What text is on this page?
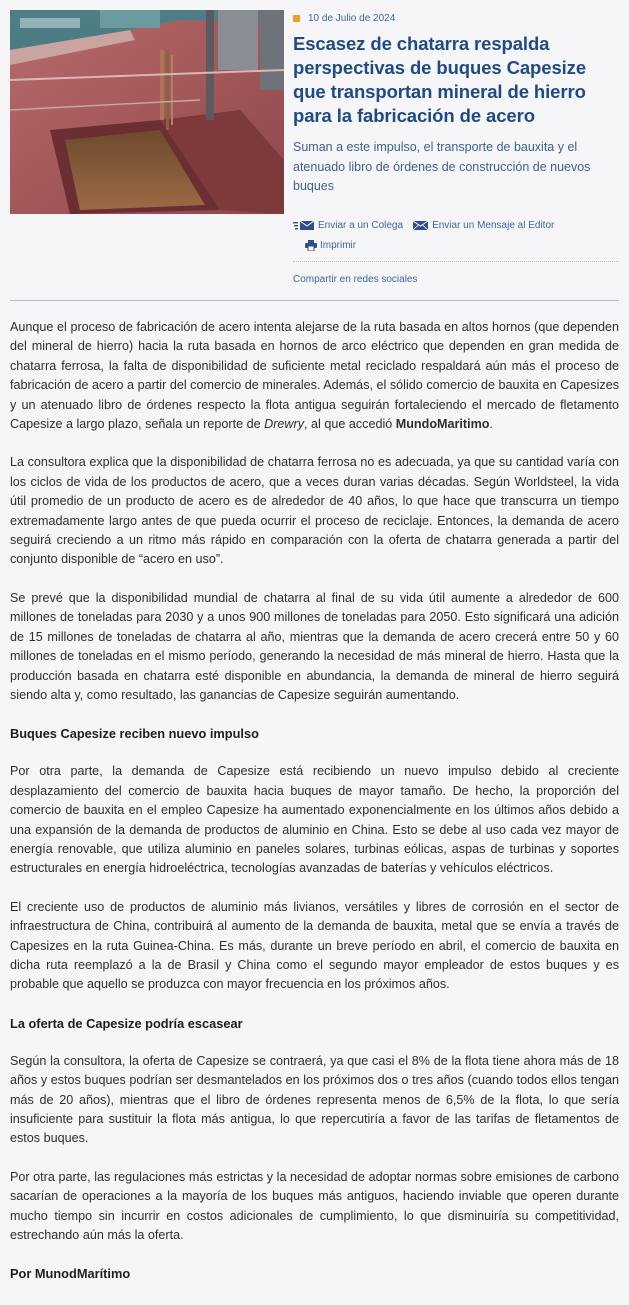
10 de Julio de 2024
Escasez de chatarra respalda perspectivas de buques Capesize que transportan mineral de hierro para la fabricación de acero

Suman a este impulso, el transporte de bauxita y el atenuado libro de órdenes de construcción de nuevos buques

Enviar a un Colega	Enviar un Mensaje al Editor
Imprimir
Compartir en redes sociales

Aunque el proceso de fabricación de acero intenta alejarse de la ruta basada en altos hornos (que dependen del mineral de hierro) hacia la ruta basada en hornos de arco eléctrico que dependen en gran medida de chatarra ferrosa, la falta de disponibilidad de suficiente metal reciclado respaldará aún más el proceso de fabricación de acero a partir del comercio de minerales. Además, el sólido comercio de bauxita en Capesizes y un atenuado libro de órdenes respecto la flota antigua seguirán fortaleciendo el mercado de fletamento Capesize a largo plazo, señala un reporte de Drewry, al que accedió MundoMaritimo.

La consultora explica que la disponibilidad de chatarra ferrosa no es adecuada, ya que su cantidad varía con los ciclos de vida de los productos de acero, que a veces duran varias décadas. Según Worldsteel, la vida útil promedio de un producto de acero es de alrededor de 40 años, lo que hace que transcurra un tiempo extremadamente largo antes de que pueda ocurrir el proceso de reciclaje. Entonces, la demanda de acero seguirá creciendo a un ritmo más rápido en comparación con la oferta de chatarra generada a partir del conjunto disponible de “acero en uso”.

Se prevé que la disponibilidad mundial de chatarra al final de su vida útil aumente a alrededor de 600 millones de toneladas para 2030 y a unos 900 millones de toneladas para 2050. Esto significará una adición de 15 millones de toneladas de chatarra al año, mientras que la demanda de acero crecerá entre 50 y 60 millones de toneladas en el mismo período, generando la necesidad de más mineral de hierro. Hasta que la producción basada en chatarra esté disponible en abundancia, la demanda de mineral de hierro seguirá siendo alta y, como resultado, las ganancias de Capesize seguirán aumentando.

Buques Capesize reciben nuevo impulso

Por otra parte, la demanda de Capesize está recibiendo un nuevo impulso debido al creciente desplazamiento del comercio de bauxita hacia buques de mayor tamaño. De hecho, la proporción del comercio de bauxita en el empleo Capesize ha aumentado exponencialmente en los últimos años debido a una expansión de la demanda de productos de aluminio en China. Esto se debe al uso cada vez mayor de energía renovable, que utiliza aluminio en paneles solares, turbinas eólicas, aspas de turbinas y soportes estructurales en energía hidroeléctrica, tecnologías avanzadas de baterías y vehículos eléctricos.

El creciente uso de productos de aluminio más livianos, versátiles y libres de corrosión en el sector de infraestructura de China, contribuirá al aumento de la demanda de bauxita, metal que se envía a través de Capesizes en la ruta Guinea-China. Es más, durante un breve período en abril, el comercio de bauxita en dicha ruta reemplazó a la de Brasil y China como el segundo mayor empleador de estos buques y es probable que aquello se produzca con mayor frecuencia en los próximos años.

La oferta de Capesize podría escasear

Según la consultora, la oferta de Capesize se contraerá, ya que casi el 8% de la flota tiene ahora más de 18 años y estos buques podrían ser desmantelados en los próximos dos o tres años (cuando todos ellos tengan más de 20 años), mientras que el libro de órdenes representa menos de 6,5% de la flota, lo que sería insuficiente para sustituir la flota más antigua, lo que repercutiría a favor de las tarifas de fletamentos de estos buques.

Por otra parte, las regulaciones más estrictas y la necesidad de adoptar normas sobre emisiones de carbono sacarían de operaciones a la mayoría de los buques más antiguos, haciendo inviable que operen durante mucho tiempo sin incurrir en costos adicionales de cumplimiento, lo que disminuiría su competitividad, estrechando aún más la oferta.

Por MunodMarítimo
